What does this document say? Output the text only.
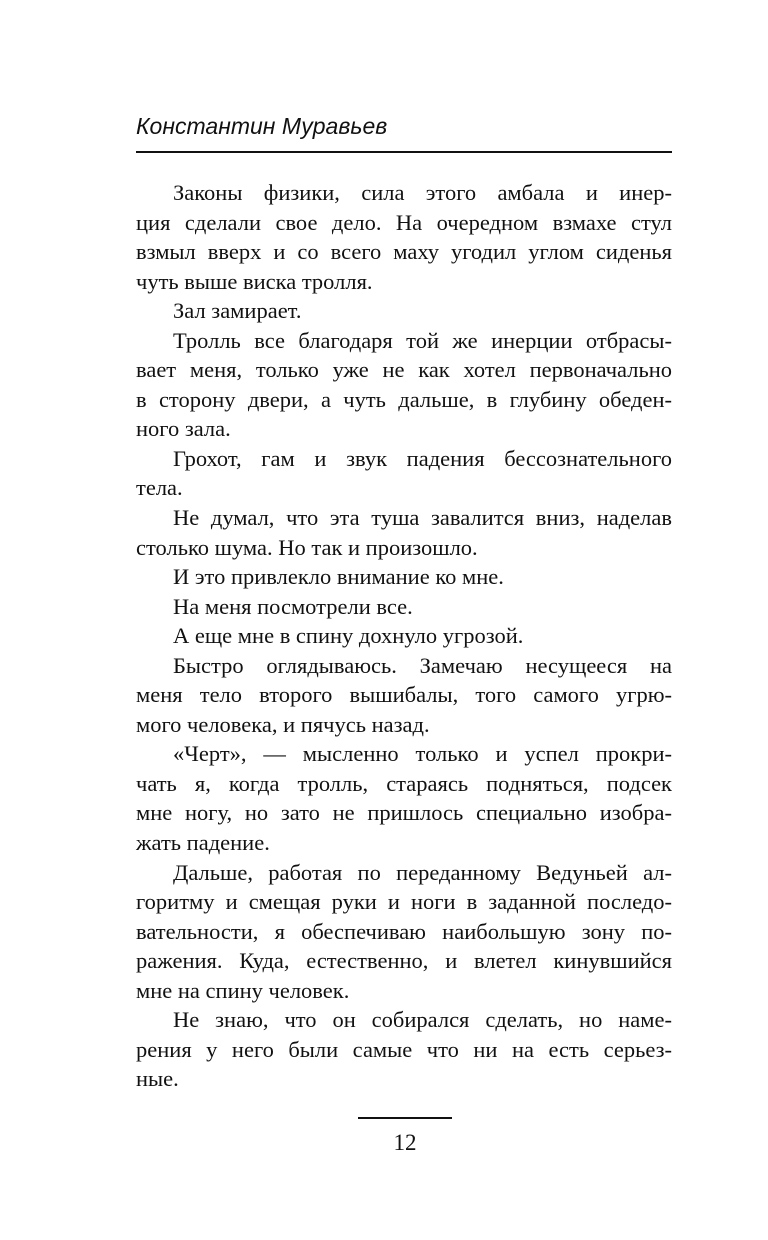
Константин Муравьев
Законы физики, сила этого амбала и инер-
ция сделали свое дело. На очередном взмахе стул
взмыл вверх и со всего маху угодил углом сиденья
чуть выше виска тролля.
Зал замирает.
Тролль все благодаря той же инерции отбрасы-
вает меня, только уже не как хотел первоначально
в сторону двери, а чуть дальше, в глубину обеден-
ного зала.
Грохот, гам и звук падения бессознательного
тела.
Не думал, что эта туша завалится вниз, наделав
столько шума. Но так и произошло.
И это привлекло внимание ко мне.
На меня посмотрели все.
А еще мне в спину дохнуло угрозой.
Быстро оглядываюсь. Замечаю несущееся на
меня тело второго вышибалы, того самого угрю-
мого человека, и пячусь назад.
«Черт», — мысленно только и успел прокри-
чать я, когда тролль, стараясь подняться, подсек
мне ногу, но зато не пришлось специально изобра-
жать падение.
Дальше, работая по переданному Ведуньей ал-
горитму и смещая руки и ноги в заданной последо-
вательности, я обеспечиваю наибольшую зону по-
ражения. Куда, естественно, и влетел кинувшийся
мне на спину человек.
Не знаю, что он собирался сделать, но наме-
рения у него были самые что ни на есть серьез-
ные.
12
